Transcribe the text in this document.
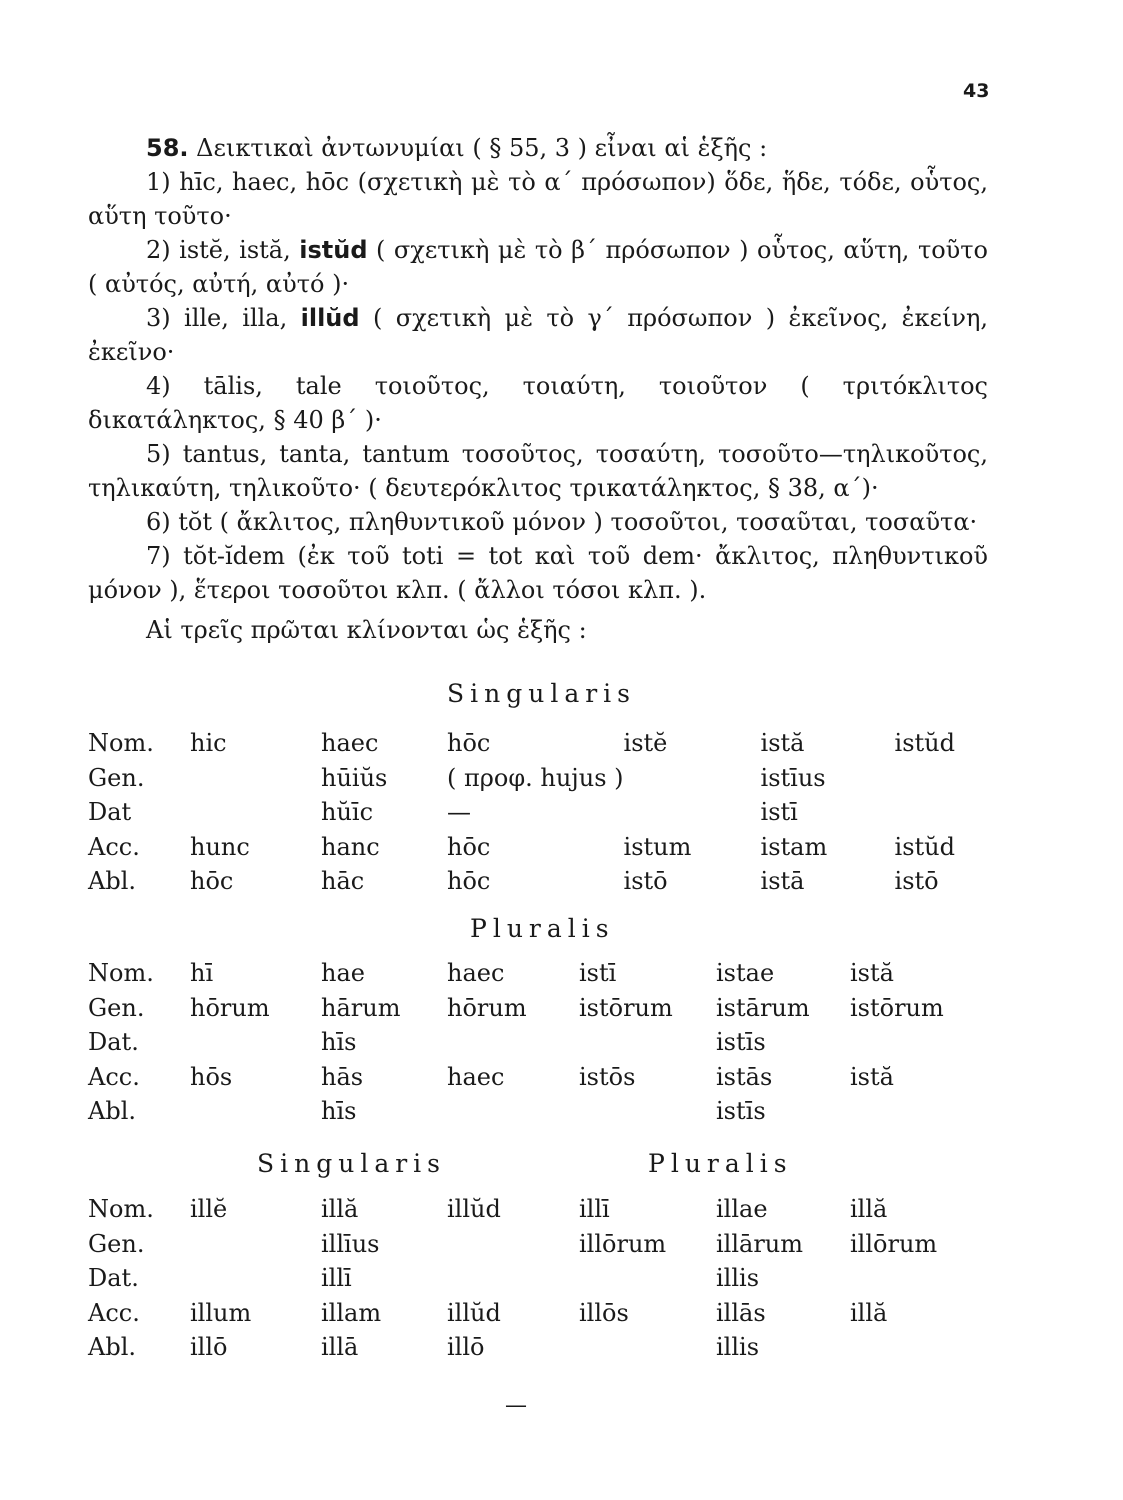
43

58. Δεικτικαὶ ἀντωνυμίαι ( § 55, 3 ) εἶναι αἱ ἑξῆς :

1) hīc, haec, hōc (σχετικὴ μὲ τὸ α΄ πρόσωπον) ὅδε, ἥδε, τόδε, οὗτος, αὕτη τοῦτο·

2) istĕ, istă, istŭd ( σχετικὴ μὲ τὸ β΄ πρόσωπον ) οὗτος, αὕτη, τοῦτο ( αὐτός, αὐτή, αὐτό )·

3) ille, illa, illŭd ( σχετικὴ μὲ τὸ γ΄ πρόσωπον ) ἐκεῖνος, ἐκείνη, ἐκεῖνο·

4) tālis, tale τοιοῦτος, τοιαύτη, τοιοῦτον ( τριτόκλιτος δικατάληκτος, § 40 β΄ )·

5) tantus, tanta, tantum τοσοῦτος, τοσαύτη, τοσοῦτο—τηλικοῦτος, τηλικαύτη, τηλικοῦτο· ( δευτερόκλιτος τρικατάληκτος, § 38, α΄)·

6) tŏt ( ἄκλιτος, πληθυντικοῦ μόνον ) τοσοῦτοι, τοσαῦται, τοσαῦτα·

7) tŏt-ĭdem (ἐκ τοῦ toti = tot καὶ τοῦ dem· ἄκλιτος, πληθυντικοῦ μόνον ), ἕτεροι τοσοῦτοι κλπ. ( ἄλλοι τόσοι κλπ. ).

Αἱ τρεῖς πρῶται κλίνονται ὡς ἑξῆς :

Singularis
Nom.	hic	haec	hōc	istĕ	istă	istŭd
Gen.		hūiŭs	( προφ. hujus )		istīus	
Dat		hŭīc	—		istī	
Acc.	hunc	hanc	hōc	istum	istam	istŭd
Abl.	hōc	hāc	hōc	istō	istā	istō
Pluralis
Nom.	hī	hae	haec	istī	istae	istă
Gen.	hōrum	hārum	hōrum	istōrum	istārum	istōrum
Dat.		hīs			istīs	
Acc.	hōs	hās	haec	istōs	istās	istă
Abl.		hīs			istīs	
Singularis	Pluralis
Nom.	illĕ	illă	illŭd	illī	illae	illă
Gen.		illīus		illōrum	illārum	illōrum
Dat.		illī			illis	
Acc.	illum	illam	illŭd	illōs	illās	illă
Abl.	illō	illā	illō		illis	
—
